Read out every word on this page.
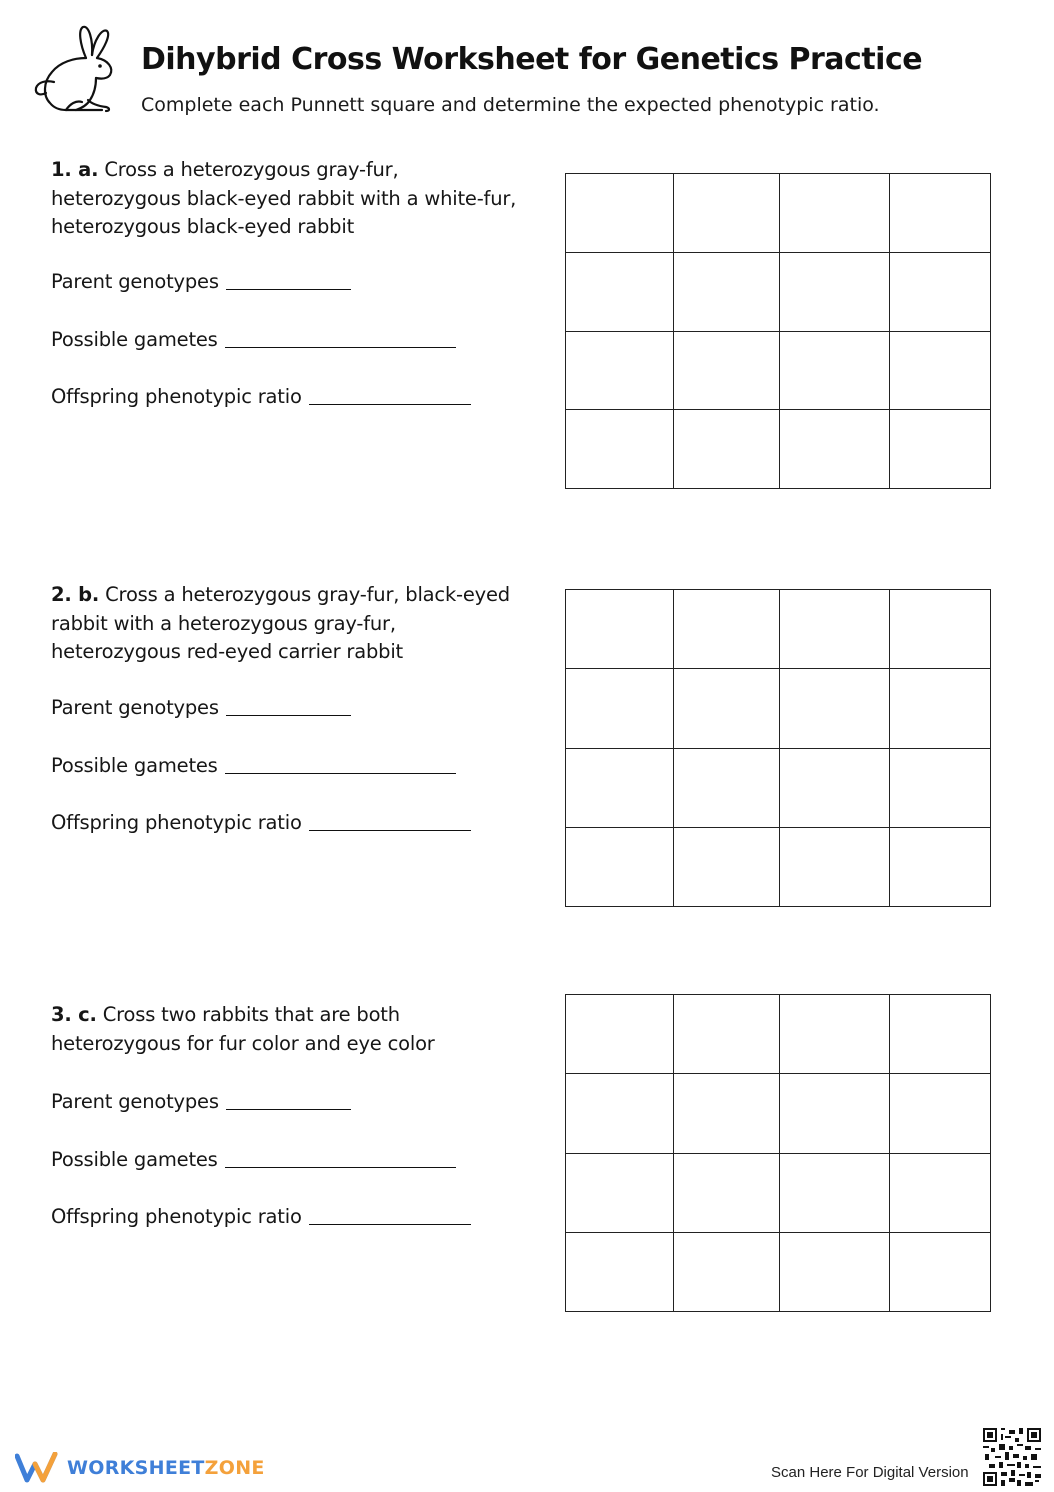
Dihybrid Cross Worksheet for Genetics Practice

Complete each Punnett square and determine the expected phenotypic ratio.

1. a. Cross a heterozygous gray-fur, heterozygous black-eyed rabbit with a white-fur, heterozygous black-eyed rabbit

Parent genotypes
Possible gametes
Offspring phenotypic ratio

2. b. Cross a heterozygous gray-fur, black-eyed rabbit with a heterozygous gray-fur, heterozygous red-eyed carrier rabbit

Parent genotypes
Possible gametes
Offspring phenotypic ratio

3. c. Cross two rabbits that are both heterozygous for fur color and eye color

Parent genotypes
Possible gametes
Offspring phenotypic ratio
WORKSHEETZONE	Scan Here For Digital Version
